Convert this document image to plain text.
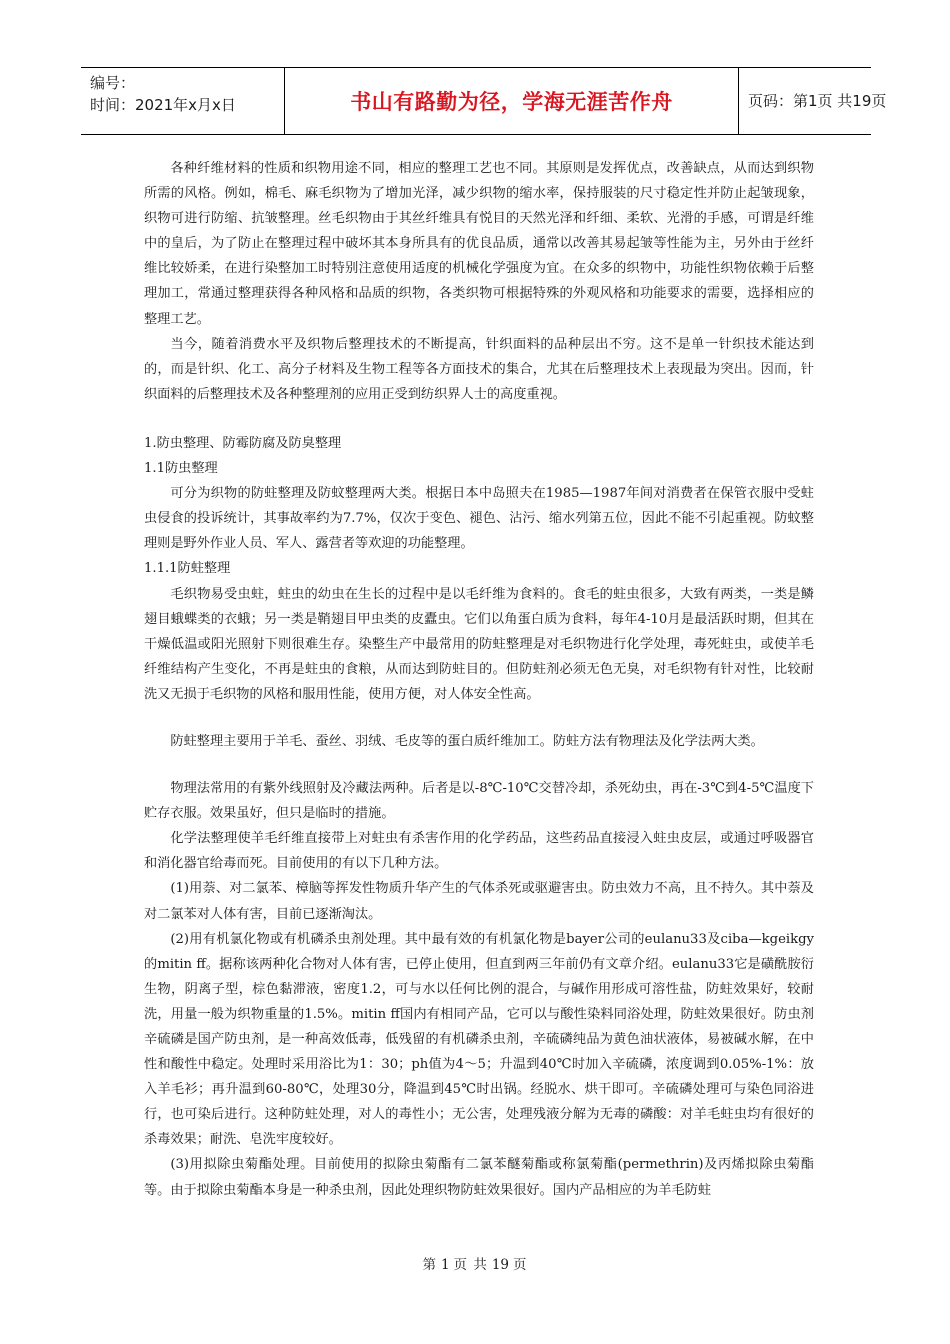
编号：
时间：2021年x月x日	书山有路勤为径，学海无涯苦作舟	页码：第1页 共19页

各种纤维材料的性质和织物用途不同，相应的整理工艺也不同。其原则是发挥优点，改善缺点，从而达到织物所需的风格。例如，棉毛、麻毛织物为了增加光泽，减少织物的缩水率，保持服装的尺寸稳定性并防止起皱现象，织物可进行防缩、抗皱整理。丝毛织物由于其丝纤维具有悦目的天然光泽和纤细、柔软、光滑的手感，可谓是纤维中的皇后，为了防止在整理过程中破坏其本身所具有的优良品质，通常以改善其易起皱等性能为主，另外由于丝纤维比较娇柔，在进行染整加工时特别注意使用适度的机械化学强度为宜。在众多的织物中，功能性织物依赖于后整理加工，常通过整理获得各种风格和品质的织物，各类织物可根据特殊的外观风格和功能要求的需要，选择相应的整理工艺。

当今，随着消费水平及织物后整理技术的不断提高，针织面料的品种层出不穷。这不是单一针织技术能达到的，而是针织、化工、高分子材料及生物工程等各方面技术的集合，尤其在后整理技术上表现最为突出。因而，针织面料的后整理技术及各种整理剂的应用正受到纺织界人士的高度重视。

1.防虫整理、防霉防腐及防臭整理

1.1防虫整理

可分为织物的防蛀整理及防蚊整理两大类。根据日本中岛照夫在1985—1987年间对消费者在保管衣服中受蛀虫侵食的投诉统计，其事故率约为7.7%，仅次于变色、褪色、沾污、缩水列第五位，因此不能不引起重视。防蚊整理则是野外作业人员、军人、露营者等欢迎的功能整理。

1.1.1防蛀整理

毛织物易受虫蛀，蛀虫的幼虫在生长的过程中是以毛纤维为食料的。食毛的蛀虫很多，大致有两类，一类是鳞翅目蛾蝶类的衣蛾；另一类是鞘翅目甲虫类的皮蠹虫。它们以角蛋白质为食料，每年4-10月是最活跃时期，但其在干燥低温或阳光照射下则很难生存。染整生产中最常用的防蛀整理是对毛织物进行化学处理，毒死蛀虫，或使羊毛纤维结构产生变化，不再是蛀虫的食粮，从而达到防蛀目的。但防蛀剂必须无色无臭，对毛织物有针对性，比较耐洗又无损于毛织物的风格和服用性能，使用方便，对人体安全性高。

防蛀整理主要用于羊毛、蚕丝、羽绒、毛皮等的蛋白质纤维加工。防蛀方法有物理法及化学法两大类。

物理法常用的有紫外线照射及冷藏法两种。后者是以-8℃-10℃交替冷却，杀死幼虫，再在-3℃到4-5℃温度下贮存衣服。效果虽好，但只是临时的措施。

化学法整理使羊毛纤维直接带上对蛀虫有杀害作用的化学药品，这些药品直接浸入蛀虫皮层，或通过呼吸器官和消化器官给毒而死。目前使用的有以下几种方法。

(1)用萘、对二氯苯、樟脑等挥发性物质升华产生的气体杀死或驱避害虫。防虫效力不高，且不持久。其中萘及对二氯苯对人体有害，目前已逐渐淘汰。

(2)用有机氯化物或有机磷杀虫剂处理。其中最有效的有机氯化物是bayer公司的eulanu33及ciba—kgeikgy的mitin ff。据称该两种化合物对人体有害，已停止使用，但直到两三年前仍有文章介绍。eulanu33它是磺酰胺衍生物，阴离子型，棕色黏滞液，密度1.2，可与水以任何比例的混合，与碱作用形成可溶性盐，防蛀效果好，较耐洗，用量一般为织物重量的1.5%。mitin ff国内有相同产品，它可以与酸性染料同浴处理，防蛀效果很好。防虫剂辛硫磷是国产防虫剂，是一种高效低毒，低残留的有机磷杀虫剂，辛硫磷纯品为黄色油状液体，易被碱水解，在中性和酸性中稳定。处理时采用浴比为1：30；ph值为4～5；升温到40℃时加入辛硫磷，浓度调到0.05%-1%：放入羊毛衫；再升温到60-80℃，处理30分，降温到45℃时出锅。经脱水、烘干即可。辛硫磷处理可与染色同浴进行，也可染后进行。这种防蛀处理，对人的毒性小；无公害，处理残液分解为无毒的磷酸：对羊毛蛀虫均有很好的杀毒效果；耐洗、皂洗牢度较好。

(3)用拟除虫菊酯处理。目前使用的拟除虫菊酯有二氯苯醚菊酯或称氯菊酯(permethrin)及丙烯拟除虫菊酯等。由于拟除虫菊酯本身是一种杀虫剂，因此处理织物防蛀效果很好。国内产品相应的为羊毛防蛀

第 1 页 共 19 页
